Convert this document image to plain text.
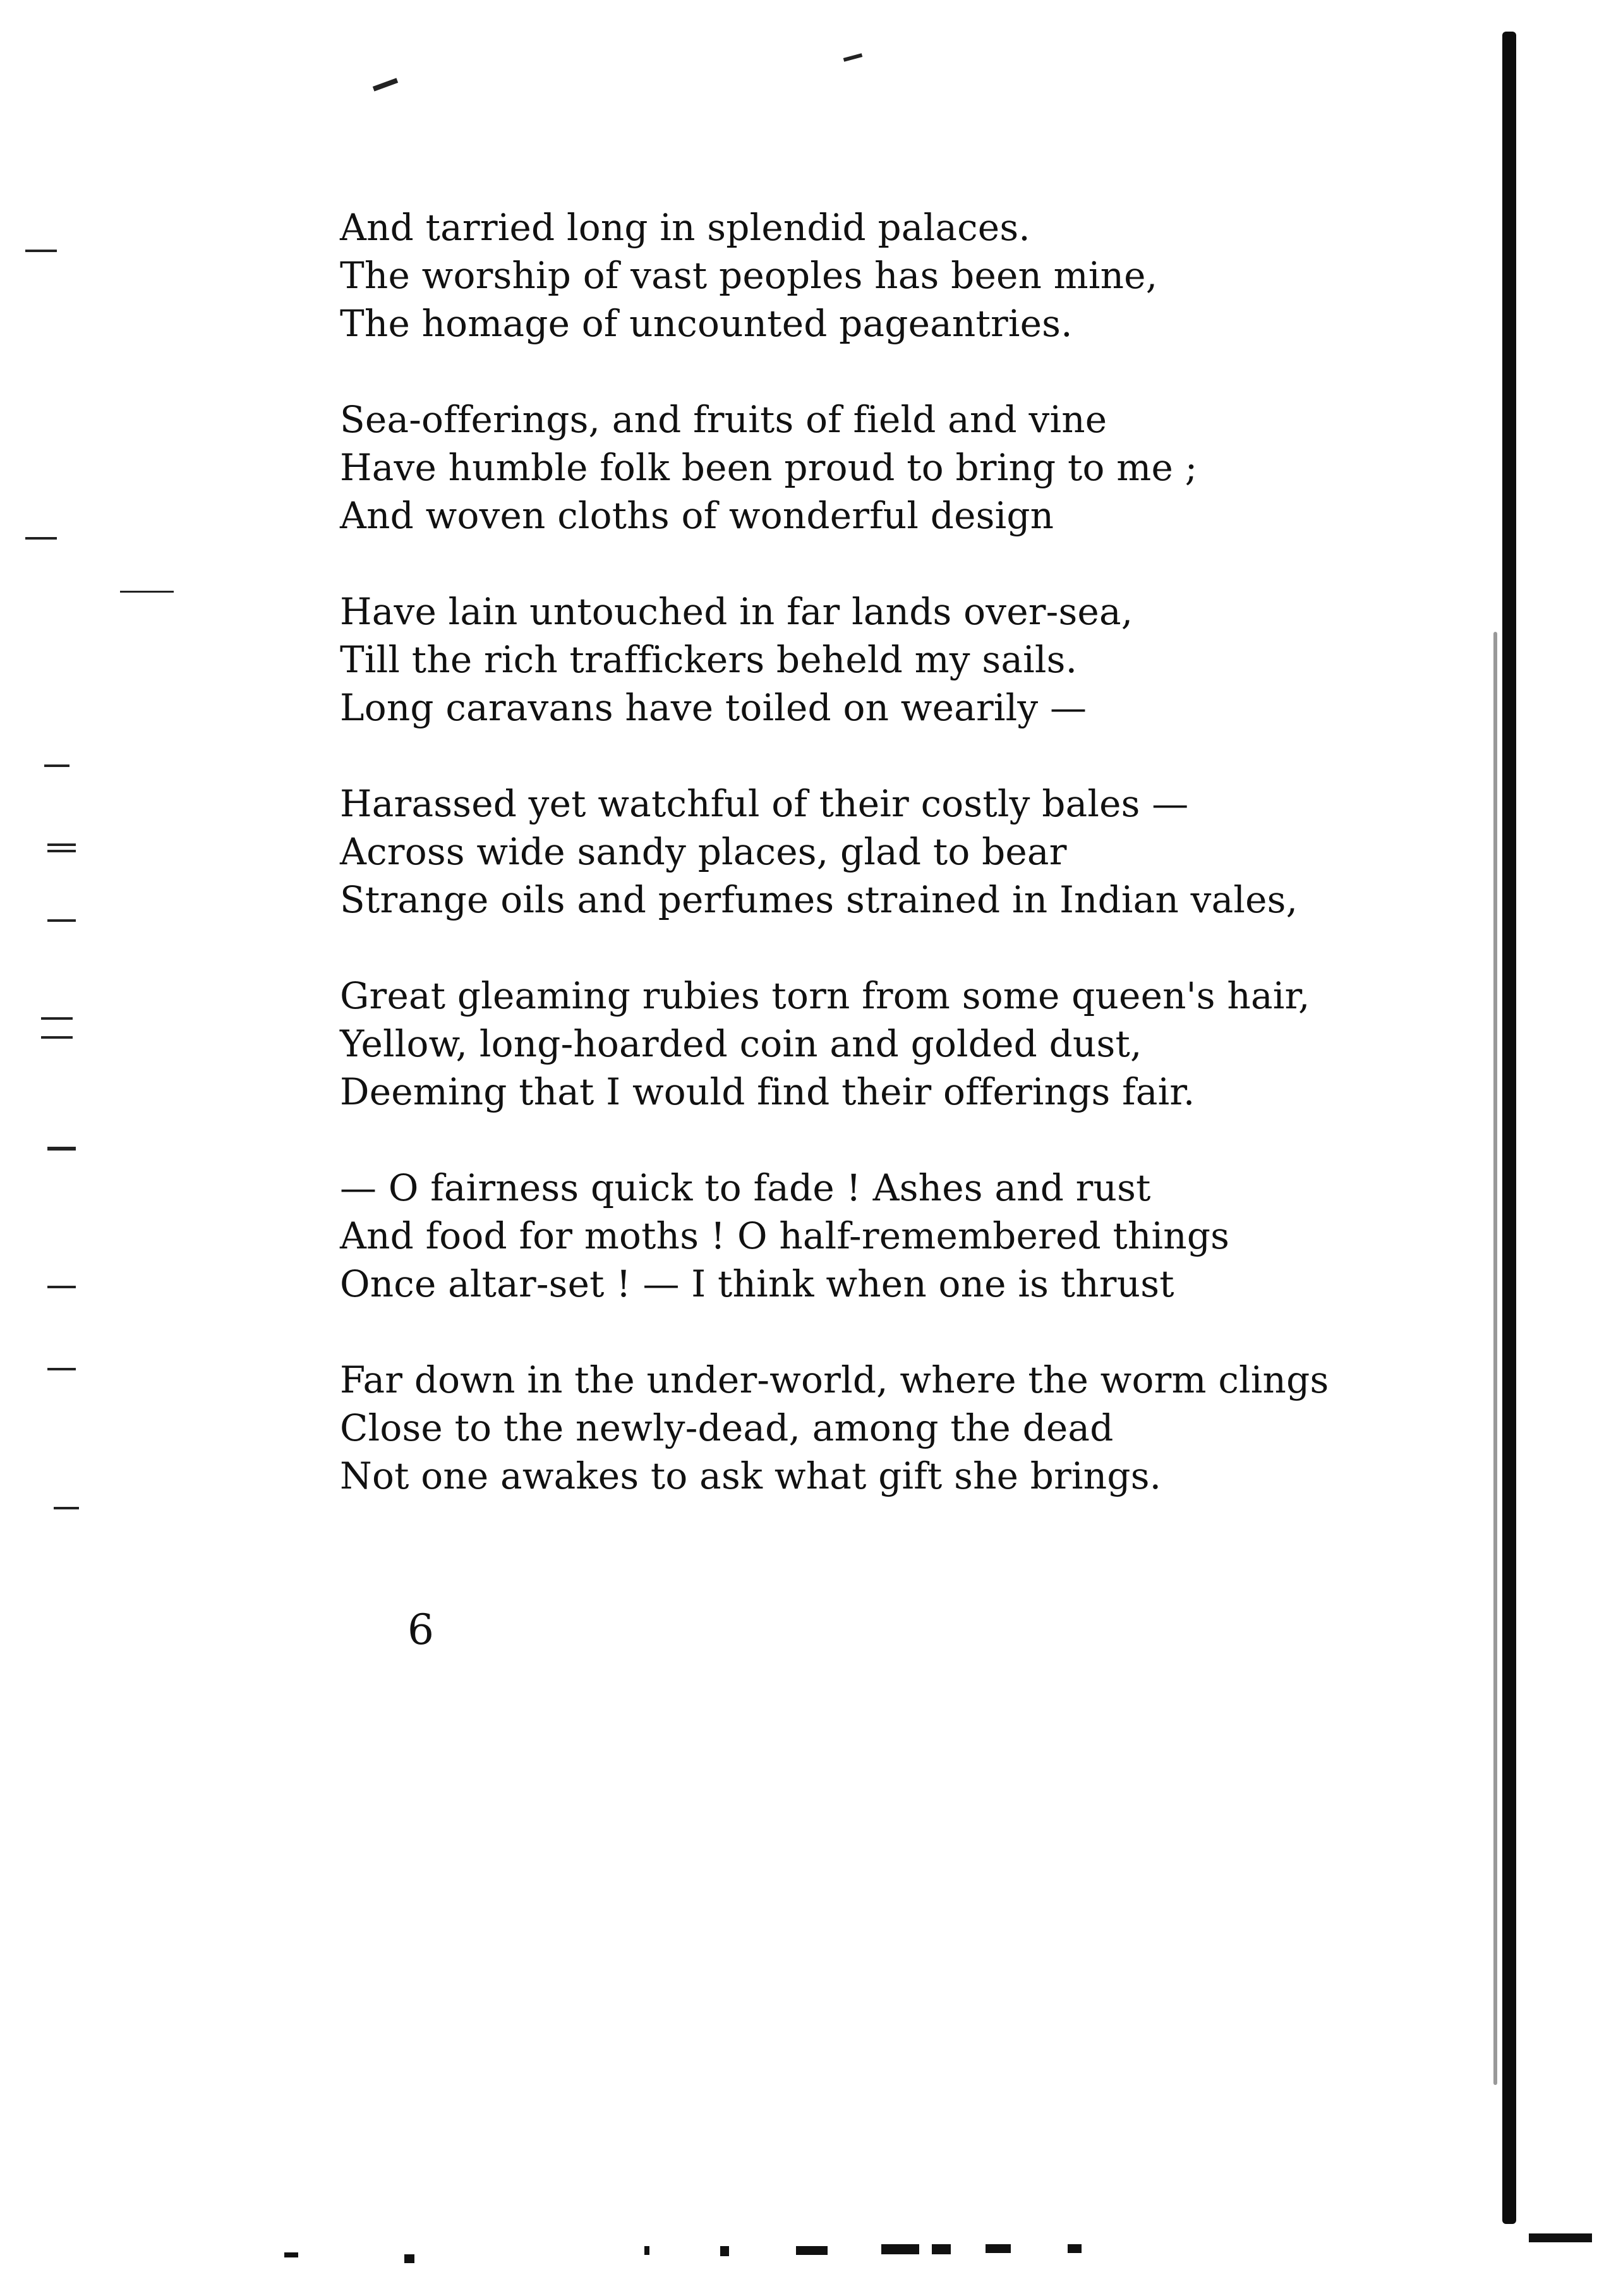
And tarried long in splendid palaces.
The worship of vast peoples has been mine,
The homage of uncounted pageantries.
Sea-offerings, and fruits of field and vine
Have humble folk been proud to bring to me ;
And woven cloths of wonderful design
Have lain untouched in far lands over-sea,
Till the rich traffickers beheld my sails.
Long caravans have toiled on wearily —
Harassed yet watchful of their costly bales —
Across wide sandy places, glad to bear
Strange oils and perfumes strained in Indian vales,
Great gleaming rubies torn from some queen's hair,
Yellow, long-hoarded coin and golded dust,
Deeming that I would find their offerings fair.
— O fairness quick to fade ! Ashes and rust
And food for moths ! O half-remembered things
Once altar-set ! — I think when one is thrust
Far down in the under-world, where the worm clings
Close to the newly-dead, among the dead
Not one awakes to ask what gift she brings.
6
